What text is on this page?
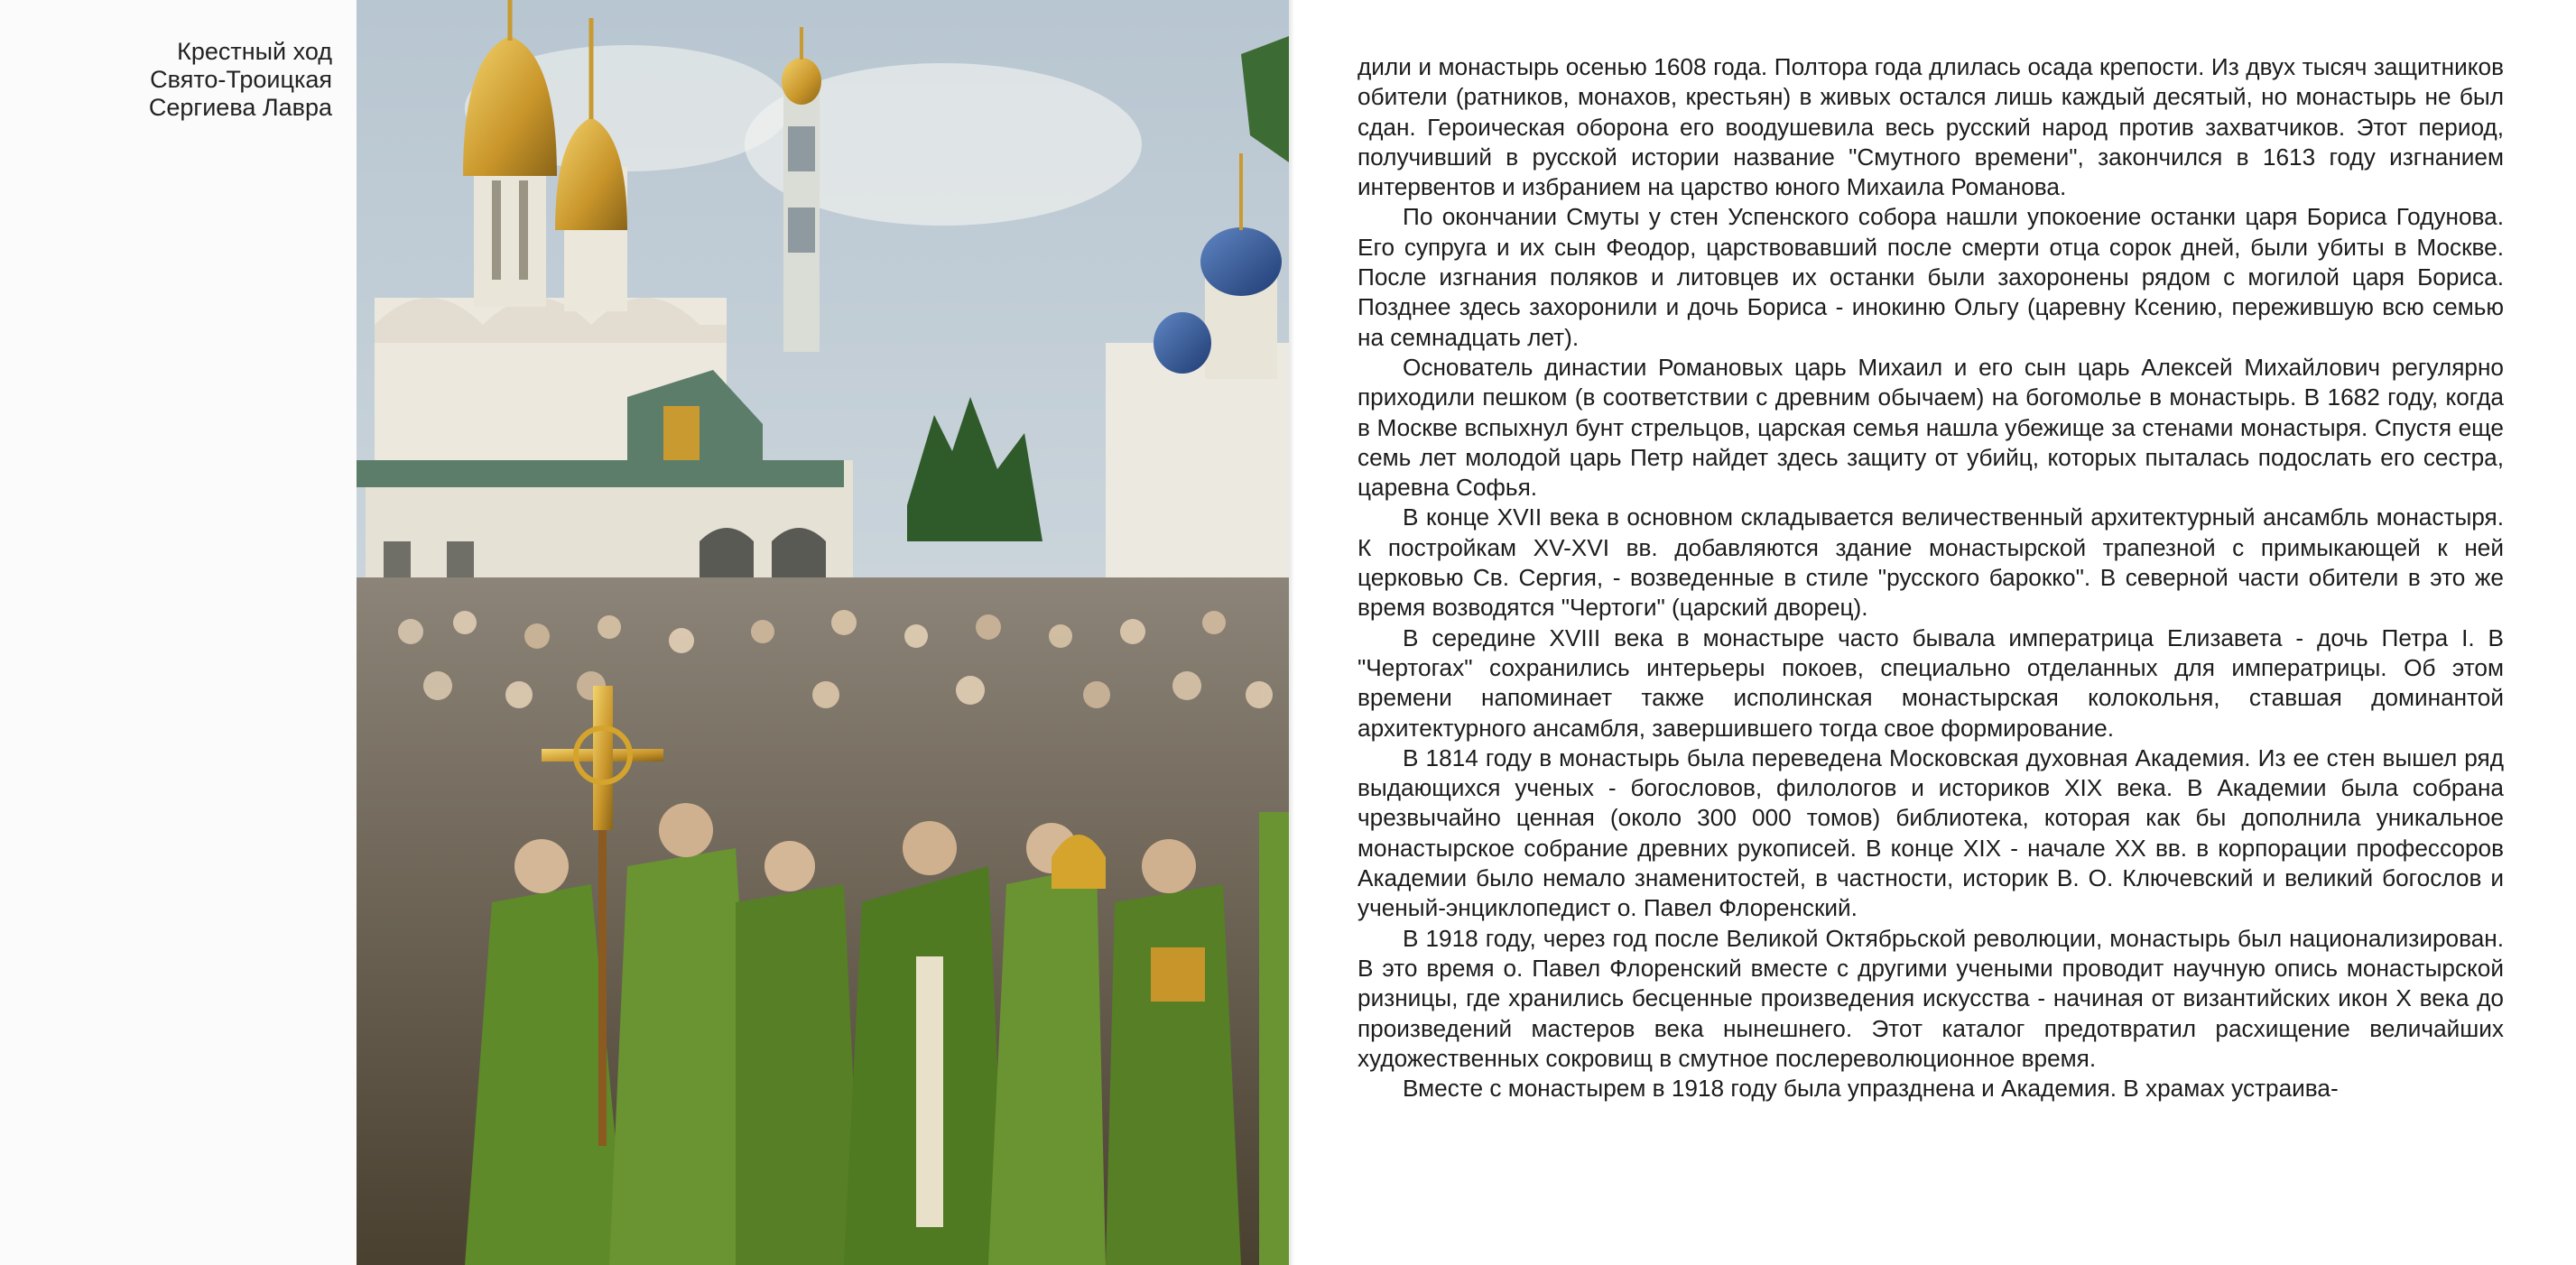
Крестный ход
Свято-Троицкая
Сергиева Лавра

дили и монастырь осенью 1608 года. Полтора года длилась осада крепости. Из двух тысяч защитников обители (ратников, монахов, крестьян) в живых остался лишь каждый десятый, но монастырь не был сдан. Героическая оборона его воодушевила весь русский народ против захватчиков. Этот период, получивший в русской истории название "Смутного времени", закончился в 1613 году изгнанием интервентов и избранием на царство юного Михаила Романова.

По окончании Смуты у стен Успенского собора нашли упокоение останки царя Бориса Годунова. Его супруга и их сын Феодор, царствовавший после смерти отца сорок дней, были убиты в Москве. После изгнания поляков и литовцев их останки были захоронены рядом с могилой царя Бориса. Позднее здесь захоронили и дочь Бориса - инокиню Ольгу (царевну Ксению, пережившую всю семью на семнадцать лет).

Основатель династии Романовых царь Михаил и его сын царь Алексей Михайлович регулярно приходили пешком (в соответствии с древним обычаем) на богомолье в монастырь. В 1682 году, когда в Москве вспыхнул бунт стрельцов, царская семья нашла убежище за стенами монастыря. Спустя еще семь лет молодой царь Петр найдет здесь защиту от убийц, которых пыталась подослать его сестра, царевна Софья.

В конце XVII века в основном складывается величественный архитектурный ансамбль монастыря. К постройкам XV-XVI вв. добавляются здание монастырской трапезной с примыкающей к ней церковью Св. Сергия, - возведенные в стиле "русского барокко". В северной части обители в это же время возводятся "Чертоги" (царский дворец).

В середине XVIII века в монастыре часто бывала императрица Елизавета - дочь Петра I. В "Чертогах" сохранились интерьеры покоев, специально отделанных для императрицы. Об этом времени напоминает также исполинская монастырская колокольня, ставшая доминантой архитектурного ансамбля, завершившего тогда свое формирование.

В 1814 году в монастырь была переведена Московская духовная Академия. Из ее стен вышел ряд выдающихся ученых - богословов, филологов и историков XIX века. В Академии была собрана чрезвычайно ценная (около 300 000 томов) библиотека, которая как бы дополнила уникальное монастырское собрание древних рукописей. В конце XIX - начале XX вв. в корпорации профессоров Академии было немало знаменитостей, в частности, историк В. О. Ключевский и великий богослов и ученый-энциклопедист о. Павел Флоренский.

В 1918 году, через год после Великой Октябрьской революции, монастырь был национализирован. В это время о. Павел Флоренский вместе с другими учеными проводит научную опись монастырской ризницы, где хранились бесценные произведения искусства - начиная от византийских икон X века до произведений мастеров века нынешнего. Этот каталог предотвратил расхищение величайших художественных сокровищ в смутное послереволюционное время.

Вместе с монастырем в 1918 году была упразднена и Академия. В храмах устраива-
